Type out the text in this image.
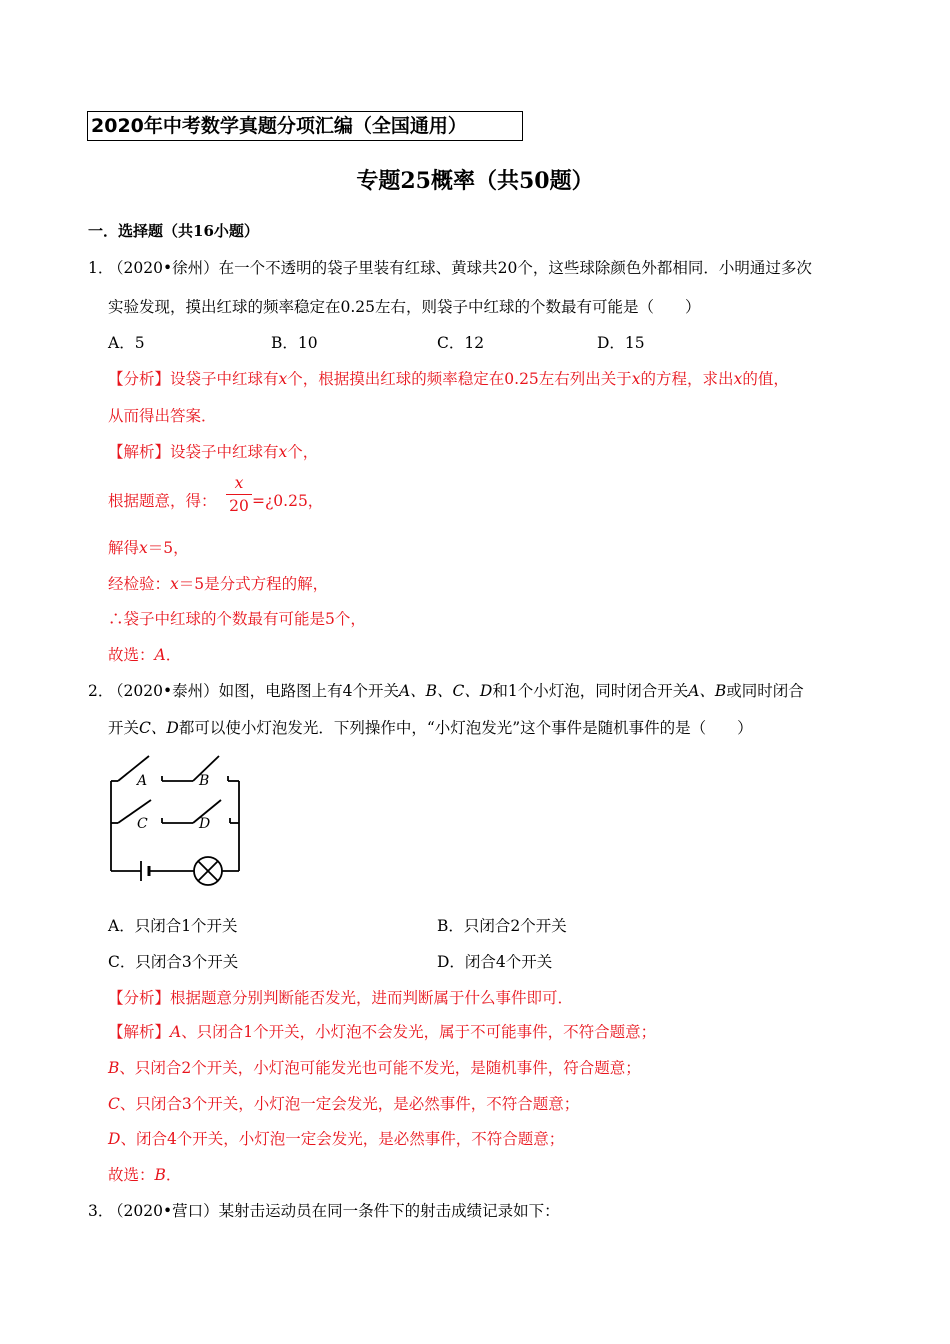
2020年中考数学真题分项汇编（全国通用）
专题25概率（共50题）
一．选择题（共16小题）
1．
（2020•徐州）在一个不透明的袋子里装有红球、黄球共20个，这些球除颜色外都相同．小明通过多次
实验发现，摸出红球的频率稳定在0.25左右，则袋子中红球的个数最有可能是（　　）
A．5	B．10	C．12	D．15
【分析】设袋子中红球有x个，根据摸出红球的频率稳定在0.25左右列出关于x的方程，求出x的值，
从而得出答案．
【解析】设袋子中红球有x个，
根据题意，得：
x
20 =¿0.25，
解得x＝5，
经检验：x＝5是分式方程的解，
∴袋子中红球的个数最有可能是5个，
故选：A．
2．
（2020•泰州）如图，电路图上有4个开关A、B、C、D和1个小灯泡，同时闭合开关A、B或同时闭合
开关C、D都可以使小灯泡发光．下列操作中，“小灯泡发光”这个事件是随机事件的是（　　）
A	B
C	D
A．只闭合1个开关	B．只闭合2个开关
C．只闭合3个开关	D．闭合4个开关
【分析】根据题意分别判断能否发光，进而判断属于什么事件即可．
【解析】A、只闭合1个开关，小灯泡不会发光，属于不可能事件，不符合题意；
B、只闭合2个开关，小灯泡可能发光也可能不发光，是随机事件，符合题意；
C、只闭合3个开关，小灯泡一定会发光，是必然事件，不符合题意；
D、闭合4个开关，小灯泡一定会发光，是必然事件，不符合题意；
故选：B．
3．
（2020•营口）某射击运动员在同一条件下的射击成绩记录如下：
